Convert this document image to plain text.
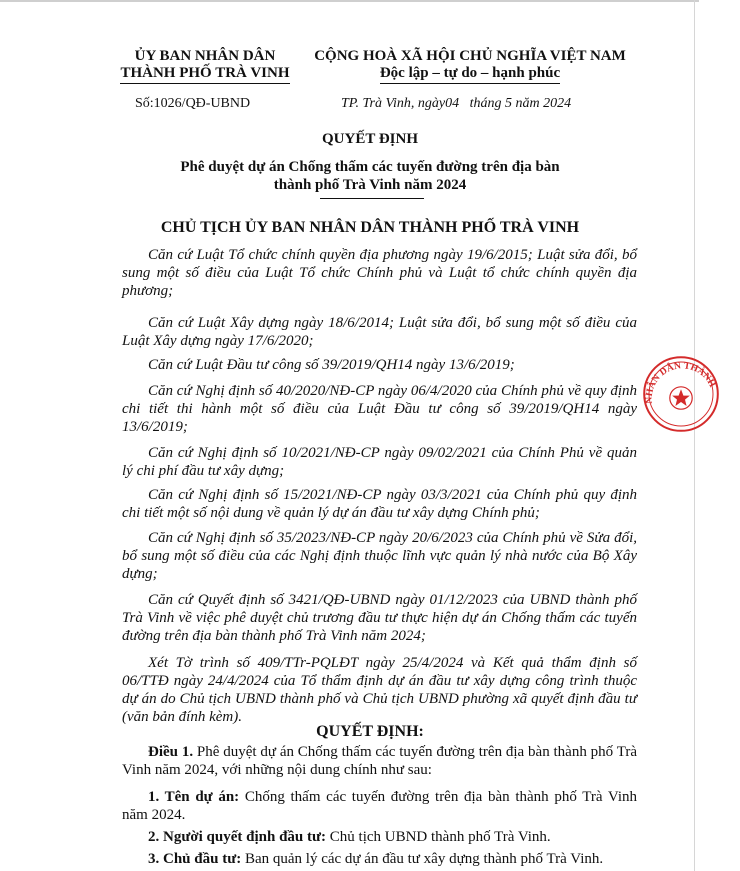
ỦY BAN NHÂN DÂN
THÀNH PHỐ TRÀ VINH
CỘNG HOÀ XÃ HỘI CHỦ NGHĨA VIỆT NAM
Độc lập – tự do – hạnh phúc
Số:1026/QĐ-UBND	TP. Trà Vinh, ngày04   tháng 5 năm 2024
QUYẾT ĐỊNH
Phê duyệt dự án Chống thấm các tuyến đường trên địa bàn
thành phố Trà Vinh năm 2024
CHỦ TỊCH ỦY BAN NHÂN DÂN THÀNH PHỐ TRÀ VINH

Căn cứ Luật Tổ chức chính quyền địa phương ngày 19/6/2015; Luật sửa đổi, bổ sung một số điều của Luật Tổ chức Chính phủ và Luật tổ chức chính quyền địa phương;

Căn cứ Luật Xây dựng ngày 18/6/2014; Luật sửa đổi, bổ sung một số điều của Luật Xây dựng ngày 17/6/2020;

Căn cứ Luật Đầu tư công số 39/2019/QH14 ngày 13/6/2019;

Căn cứ Nghị định số 40/2020/NĐ-CP ngày 06/4/2020 của Chính phủ về quy định chi tiết thi hành một số điều của Luật Đầu tư công số 39/2019/QH14 ngày 13/6/2019;

Căn cứ Nghị định số 10/2021/NĐ-CP ngày 09/02/2021 của Chính Phủ về quản lý chi phí đầu tư xây dựng;

Căn cứ Nghị định số 15/2021/NĐ-CP ngày 03/3/2021 của Chính phủ quy định chi tiết một số nội dung về quản lý dự án đầu tư xây dựng Chính phủ;

Căn cứ Nghị định số 35/2023/NĐ-CP ngày 20/6/2023 của Chính phủ về Sửa đổi, bổ sung một số điều của các Nghị định thuộc lĩnh vực quản lý nhà nước của Bộ Xây dựng;

Căn cứ Quyết định số 3421/QĐ-UBND ngày 01/12/2023 của UBND thành phố Trà Vinh về việc phê duyệt chủ trương đầu tư thực hiện dự án Chống thấm các tuyến đường trên địa bàn thành phố Trà Vinh năm 2024;

Xét Tờ trình số 409/TTr-PQLĐT ngày 25/4/2024 và Kết quả thẩm định số 06/TTĐ ngày 24/4/2024 của Tổ thẩm định dự án đầu tư xây dựng công trình thuộc dự án do Chủ tịch UBND thành phố và Chủ tịch UBND phường xã quyết định đầu tư (văn bản đính kèm).

QUYẾT ĐỊNH:

Điều 1. Phê duyệt dự án Chống thấm các tuyến đường trên địa bàn thành phố Trà Vinh năm 2024, với những nội dung chính như sau:

1. Tên dự án: Chống thấm các tuyến đường trên địa bàn thành phố Trà Vinh năm 2024.

2. Người quyết định đầu tư: Chủ tịch UBND thành phố Trà Vinh.

3. Chủ đầu tư: Ban quản lý các dự án đầu tư xây dựng thành phố Trà Vinh.

NHÂN DÂN THÀNH
